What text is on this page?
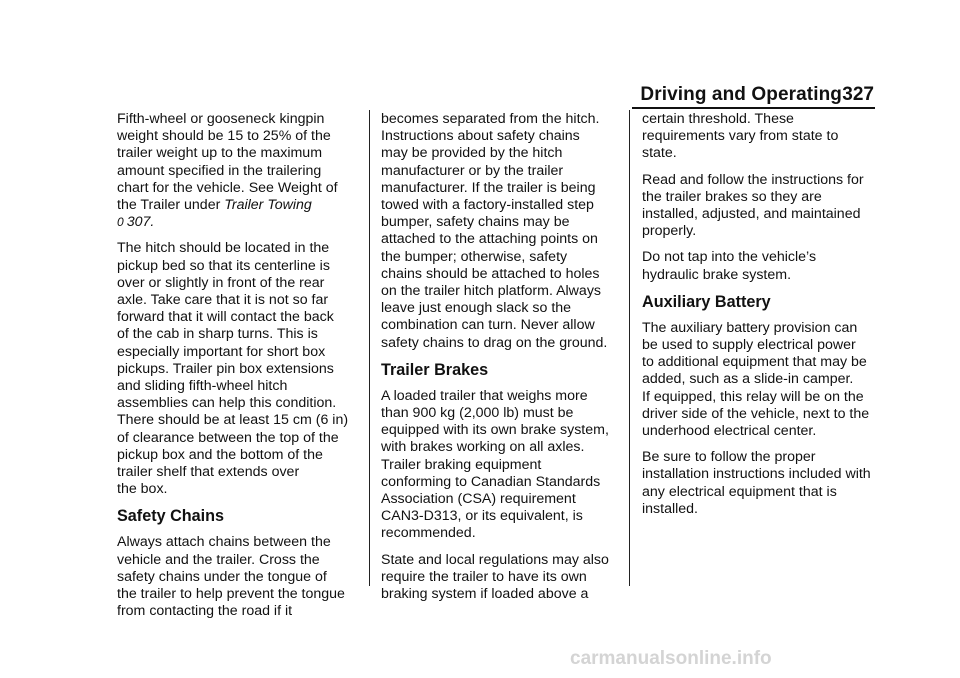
Driving and Operating 327
Fifth-wheel or gooseneck kingpin
weight should be 15 to 25% of the
trailer weight up to the maximum
amount specified in the trailering
chart for the vehicle. See Weight of
the Trailer under Trailer Towing
0 307.
The hitch should be located in the
pickup bed so that its centerline is
over or slightly in front of the rear
axle. Take care that it is not so far
forward that it will contact the back
of the cab in sharp turns. This is
especially important for short box
pickups. Trailer pin box extensions
and sliding fifth-wheel hitch
assemblies can help this condition.
There should be at least 15 cm (6 in)
of clearance between the top of the
pickup box and the bottom of the
trailer shelf that extends over
the box.
Safety Chains
Always attach chains between the
vehicle and the trailer. Cross the
safety chains under the tongue of
the trailer to help prevent the tongue
from contacting the road if it
becomes separated from the hitch.
Instructions about safety chains
may be provided by the hitch
manufacturer or by the trailer
manufacturer. If the trailer is being
towed with a factory-installed step
bumper, safety chains may be
attached to the attaching points on
the bumper; otherwise, safety
chains should be attached to holes
on the trailer hitch platform. Always
leave just enough slack so the
combination can turn. Never allow
safety chains to drag on the ground.
Trailer Brakes
A loaded trailer that weighs more
than 900 kg (2,000 lb) must be
equipped with its own brake system,
with brakes working on all axles.
Trailer braking equipment
conforming to Canadian Standards
Association (CSA) requirement
CAN3-D313, or its equivalent, is
recommended.
State and local regulations may also
require the trailer to have its own
braking system if loaded above a
certain threshold. These
requirements vary from state to
state.
Read and follow the instructions for
the trailer brakes so they are
installed, adjusted, and maintained
properly.
Do not tap into the vehicle’s
hydraulic brake system.
Auxiliary Battery
The auxiliary battery provision can
be used to supply electrical power
to additional equipment that may be
added, such as a slide-in camper.
If equipped, this relay will be on the
driver side of the vehicle, next to the
underhood electrical center.
Be sure to follow the proper
installation instructions included with
any electrical equipment that is
installed.
carmanualsonline.info
